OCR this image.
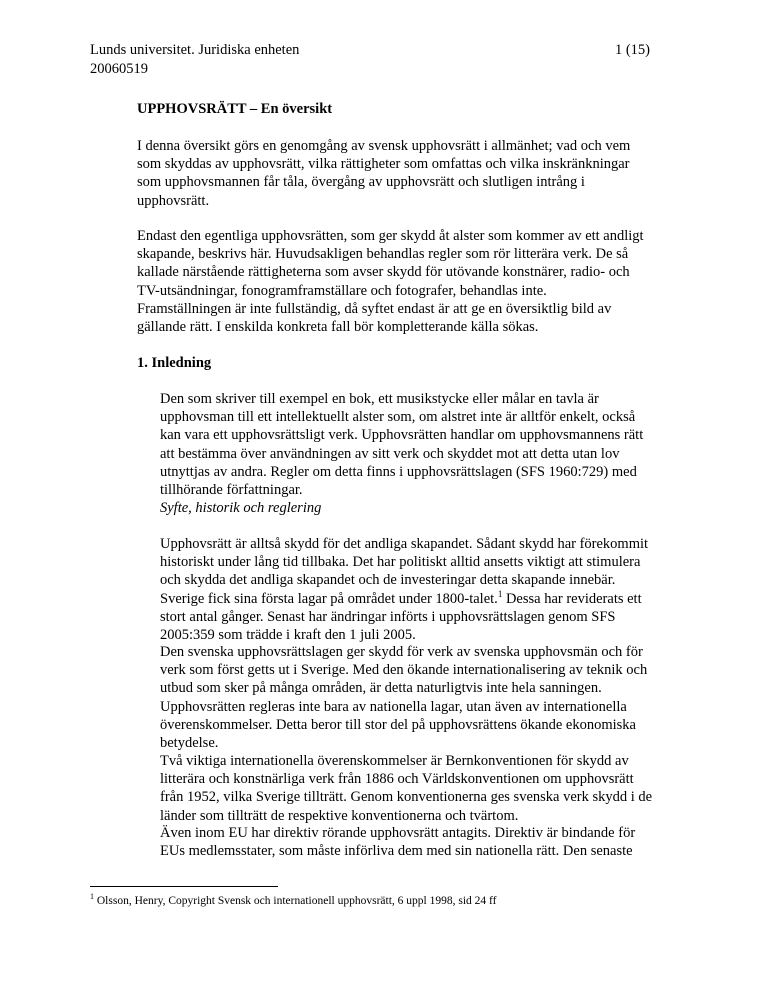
Lunds universitet. Juridiska enheten
20060519
1 (15)
UPPHOVSRÄTT – En översikt
I denna översikt görs en genomgång av svensk upphovsrätt i allmänhet; vad och vem som skyddas av upphovsrätt, vilka rättigheter som omfattas och vilka inskränkningar som upphovsmannen får tåla, övergång av upphovsrätt och slutligen intrång i upphovsrätt.
Endast den egentliga upphovsrätten, som ger skydd åt alster som kommer av ett andligt skapande, beskrivs här. Huvudsakligen behandlas regler som rör litterära verk. De så kallade närstående rättigheterna som avser skydd för utövande konstnärer, radio- och TV-utsändningar, fonogramframställare och fotografer, behandlas inte.
Framställningen är inte fullständig, då syftet endast är att ge en översiktlig bild av gällande rätt. I enskilda konkreta fall bör kompletterande källa sökas.
1. Inledning
Den som skriver till exempel en bok, ett musikstycke eller målar en tavla är upphovsman till ett intellektuellt alster som, om alstret inte är alltför enkelt, också kan vara ett upphovsrättsligt verk. Upphovsrätten handlar om upphovsmannens rätt att bestämma över användningen av sitt verk och skyddet mot att detta utan lov utnyttjas av andra. Regler om detta finns i upphovsrättslagen (SFS 1960:729) med tillhörande författningar.
Syfte, historik och reglering
Upphovsrätt är alltså skydd för det andliga skapandet. Sådant skydd har förekommit historiskt under lång tid tillbaka. Det har politiskt alltid ansetts viktigt att stimulera och skydda det andliga skapandet och de investeringar detta skapande innebär. Sverige fick sina första lagar på området under 1800-talet.$^1$ Dessa har reviderats ett stort antal gånger. Senast har ändringar införts i upphovsrättslagen genom SFS 2005:359 som trädde i kraft den 1 juli 2005.
Den svenska upphovsrättslagen ger skydd för verk av svenska upphovsmän och för verk som först getts ut i Sverige. Med den ökande internationalisering av teknik och utbud som sker på många områden, är detta naturligtvis inte hela sanningen. Upphovsrätten regleras inte bara av nationella lagar, utan även av internationella överenskommelser. Detta beror till stor del på upphovsrättens ökande ekonomiska betydelse.
Två viktiga internationella överenskommelser är Bernkonventionen för skydd av litterära och konstnärliga verk från 1886 och Världskonventionen om upphovsrätt från 1952, vilka Sverige tillträtt. Genom konventionerna ges svenska verk skydd i de länder som tillträtt de respektive konventionerna och tvärtom.
Även inom EU har direktiv rörande upphovsrätt antagits. Direktiv är bindande för EUs medlemsstater, som måste införliva dem med sin nationella rätt. Den senaste
$^1$ Olsson, Henry, Copyright Svensk och internationell upphovsrätt, 6 uppl 1998, sid 24 ff
